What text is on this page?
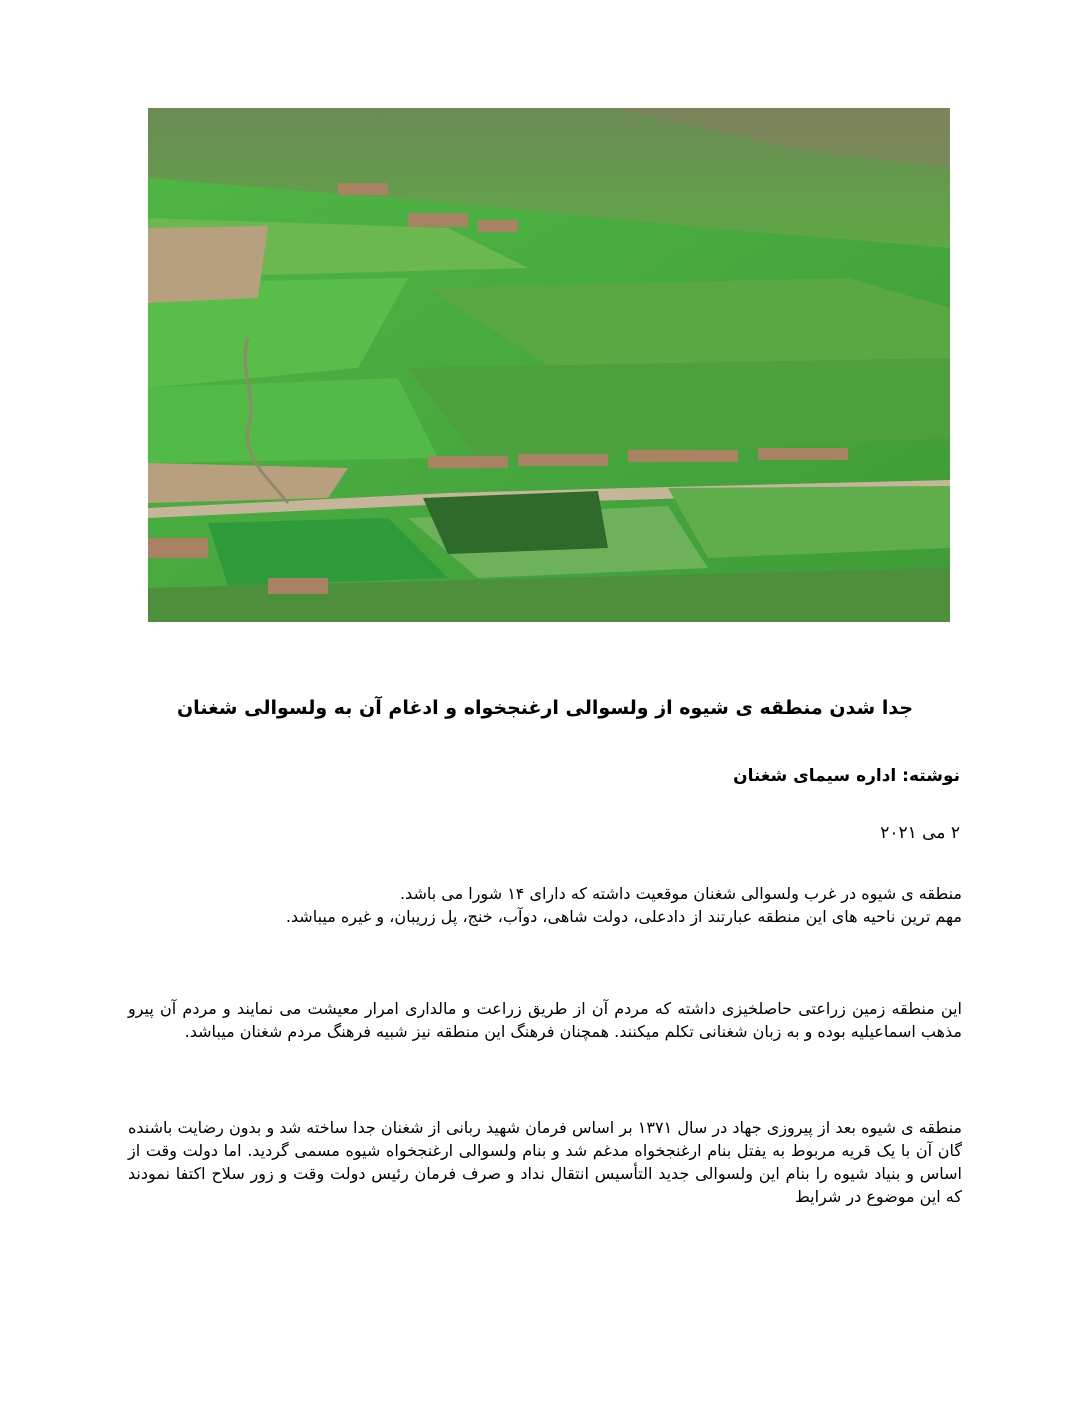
جدا شدن منطقه ی شیوه از ولسوالی ارغنجخواه و ادغام آن به ولسوالی شغنان
نوشته: اداره سیمای شغنان
۲ می ۲۰۲۱

منطقه ی شیوه در غرب ولسوالی شغنان موقعیت داشته که دارای ۱۴ شورا می باشد.

مهم ترین ناحیه های این منطقه عبارتند از دادعلی، دولت شاهی، دوآب، خنج، پل زریبان، و غیره میباشد.

این منطقه زمین زراعتی حاصلخیزی داشته که مردم آن از طریق زراعت و مالداری امرار معیشت می نمایند و مردم آن پیرو مذهب اسماعیلیه بوده و به زبان شغنانی تکلم میکنند. همچنان فرهنگ این منطقه نیز شبیه فرهنگ مردم شغنان میباشد.

منطقه ی شیوه بعد از پیروزی جهاد در سال ۱۳۷۱ بر اساس فرمان شهید ربانی از شغنان جدا ساخته شد و بدون رضایت باشنده گان آن با یک قریه مربوط به یفتل بنام ارغنجخواه مدغم شد و بنام ولسوالی ارغنجخواه شیوه مسمی گردید. اما دولت وقت از اساس و بنیاد شیوه را بنام این ولسوالی جدید التأسیس انتقال نداد و صرف فرمان رئیس دولت وقت و زور سلاح اکتفا نمودند که این موضوع در شرایط
